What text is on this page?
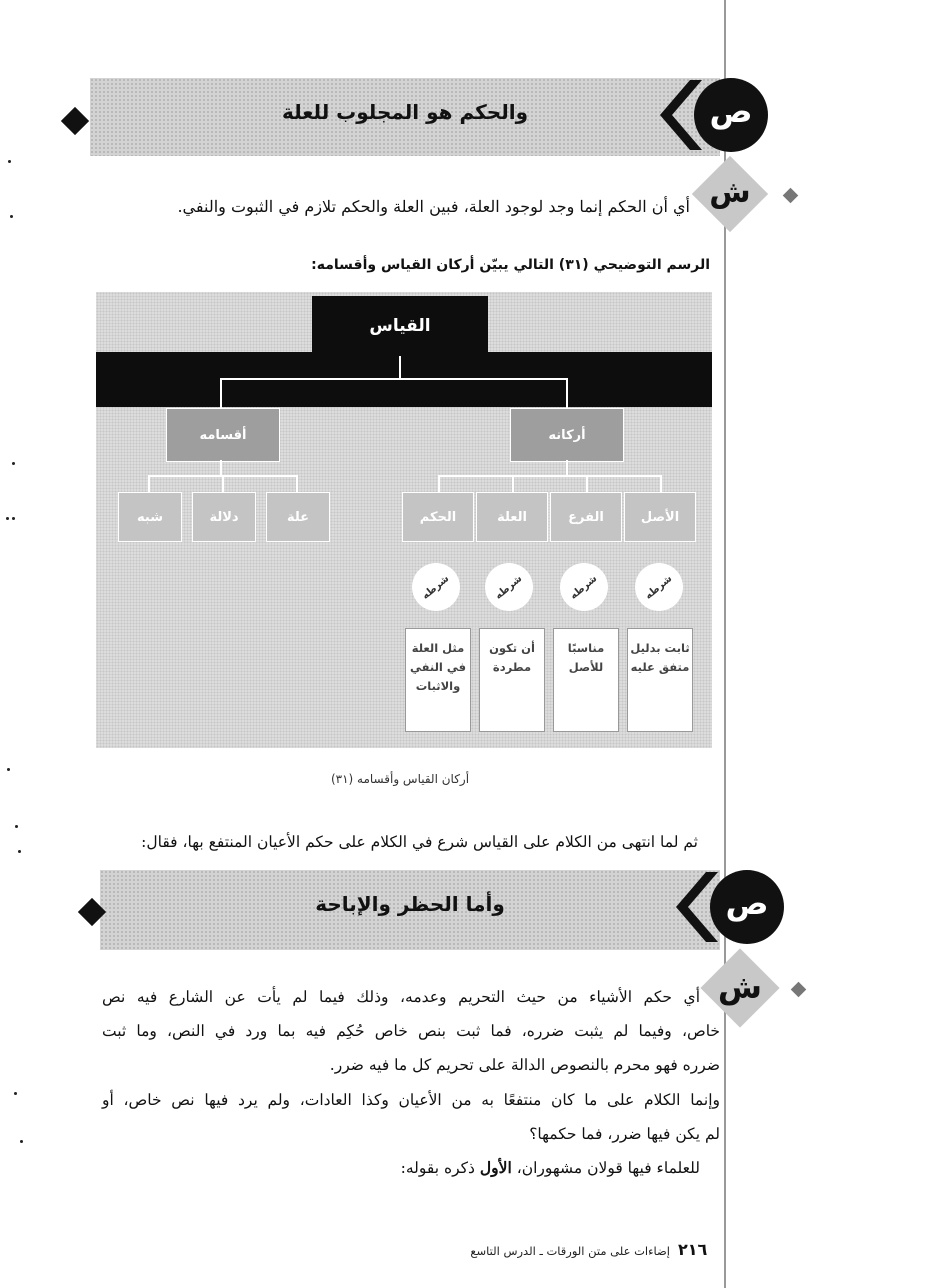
والحكم هو المجلوب للعلة	ص
ش
أي أن الحكم إنما وجد لوجود العلة، فبين العلة والحكم تلازم في الثبوت والنفي.
الرسم التوضيحي (٣١) التالي يبيّن أركان القياس وأقسامه:
القياس
أقسامه	أركانه
علة
دلالة
شبه	الأصل
الفرع
العلة
الحكم
شرطه
شرطه
شرطه
شرطه
ثابت بدليل متفق عليه
مناسبًا للأصل
أن تكون مطردة
مثل العلة في النفي والاثبات
أركان القياس وأقسامه (٣١)
ثم لما انتهى من الكلام على القياس شرع في الكلام على حكم الأعيان المنتفع بها، فقال:
وأما الحظر والإباحة	ص
ش
أي حكم الأشياء من حيث التحريم وعدمه، وذلك فيما لم يأت عن الشارع فيه نص
خاص، وفيما لم يثبت ضرره، فما ثبت بنص خاص حُكِم فيه بما ورد في النص، وما ثبت
ضرره فهو محرم بالنصوص الدالة على تحريم كل ما فيه ضرر.
وإنما الكلام على ما كان منتفعًا به من الأعيان وكذا العادات، ولم يرد فيها نص خاص، أو
لم يكن فيها ضرر، فما حكمها؟
للعلماء فيها قولان مشهوران، الأول ذكره بقوله:
٢١٦
إضاءات على متن الورقات ـ الدرس التاسع
